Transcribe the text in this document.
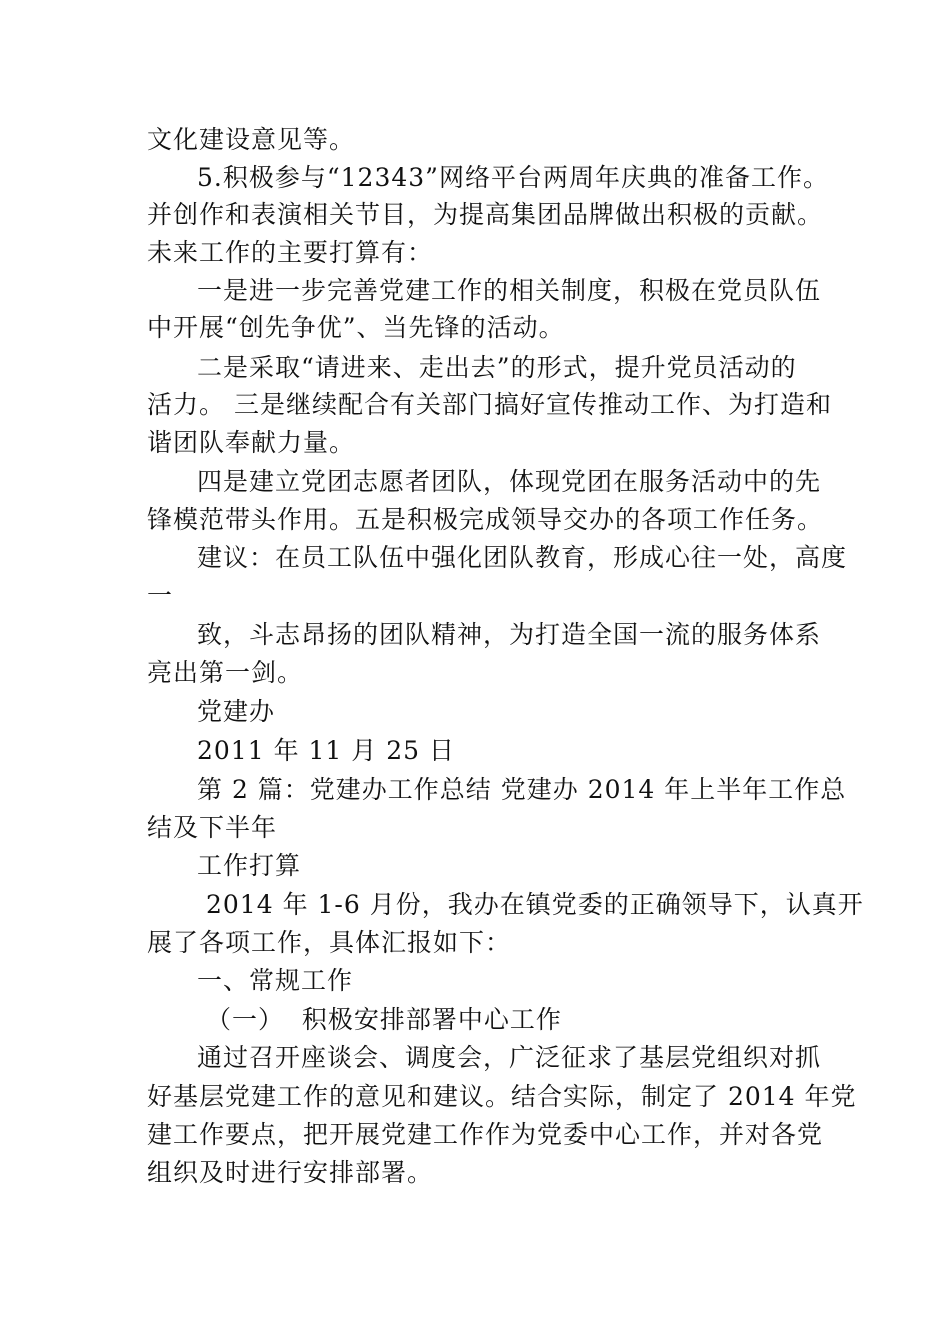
文化建设意见等。
5.积极参与“12343”网络平台两周年庆典的准备工作。
并创作和表演相关节目，为提高集团品牌做出积极的贡献。
未来工作的主要打算有：
一是进一步完善党建工作的相关制度，积极在党员队伍
中开展“创先争优”、当先锋的活动。
二是采取“请进来、走出去”的形式，提升党员活动的
活力。 三是继续配合有关部门搞好宣传推动工作、为打造和
谐团队奉献力量。
四是建立党团志愿者团队，体现党团在服务活动中的先
锋模范带头作用。五是积极完成领导交办的各项工作任务。
建议：在员工队伍中强化团队教育，形成心往一处，高度
一
致，斗志昂扬的团队精神，为打造全国一流的服务体系
亮出第一剑。
党建办
2011 年 11 月 25 日
第 2 篇：党建办工作总结 党建办 2014 年上半年工作总
结及下半年
工作打算
2014 年 1-6 月份，我办在镇党委的正确领导下，认真开
展了各项工作，具体汇报如下：
一、常规工作
（一）  积极安排部署中心工作
通过召开座谈会、调度会，广泛征求了基层党组织对抓
好基层党建工作的意见和建议。结合实际，制定了 2014 年党
建工作要点，把开展党建工作作为党委中心工作，并对各党
组织及时进行安排部署。
